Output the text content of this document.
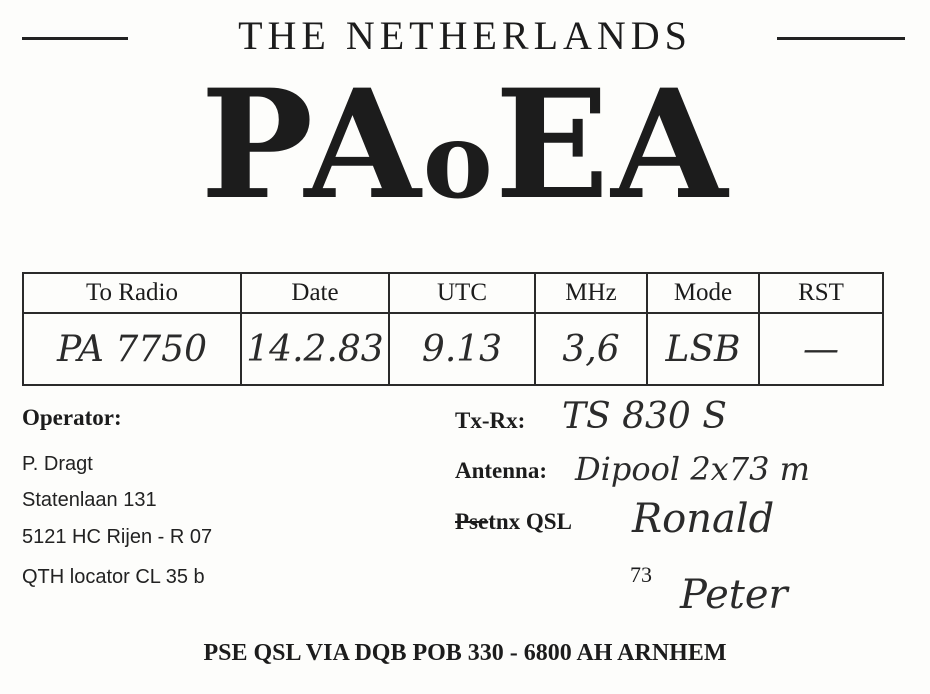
THE NETHERLANDS
PAoEA
To Radio	Date	UTC	MHz	Mode	RST
PA 7750	14.2.83	9.13	3,6	LSB	—
Operator:
P. Dragt
Statenlaan 131
5121 HC Rijen - R 07
QTH locator CL 35 b
Tx-Rx: TS 830 S
Antenna: Dipool 2x73 m
Psetnx QSL Ronald
73 Peter
PSE QSL VIA DQB POB 330 - 6800 AH ARNHEM
